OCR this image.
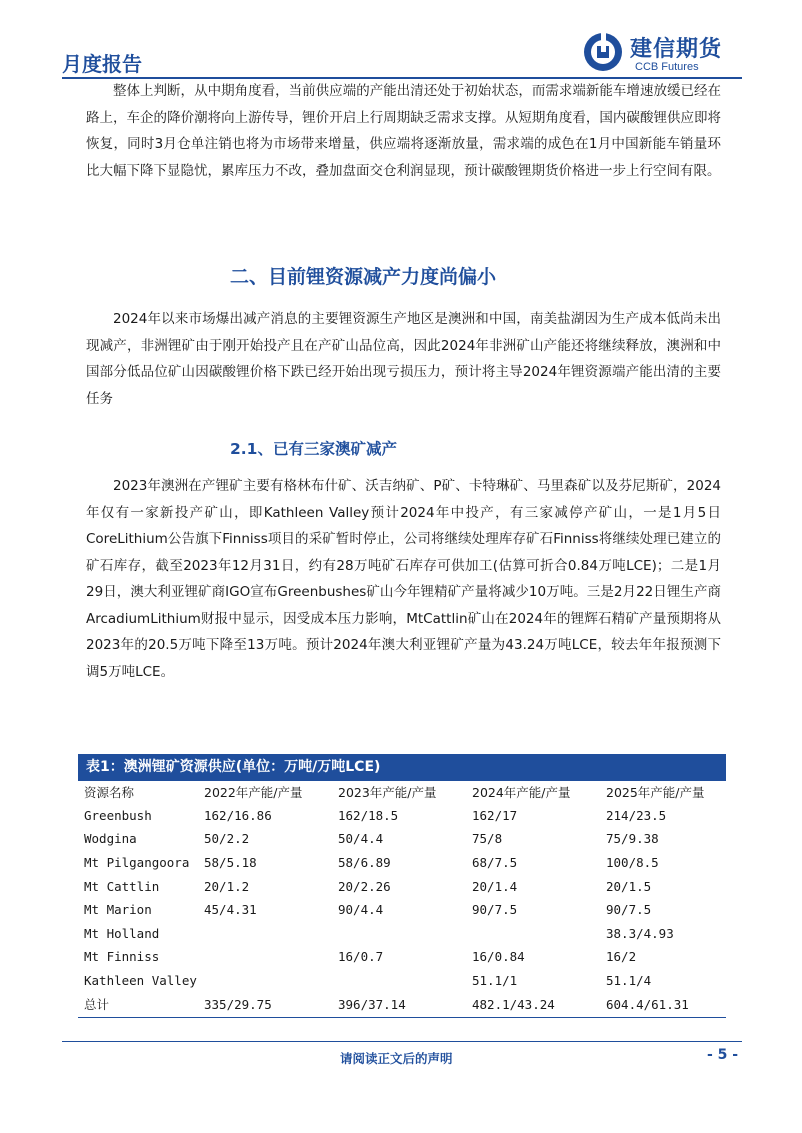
月度报告
建信期货
CCB Futures

整体上判断，从中期角度看，当前供应端的产能出清还处于初始状态，而需求端新能车增速放缓已经在路上，车企的降价潮将向上游传导，锂价开启上行周期缺乏需求支撑。从短期角度看，国内碳酸锂供应即将恢复，同时3月仓单注销也将为市场带来增量，供应端将逐渐放量，需求端的成色在1月中国新能车销量环比大幅下降下显隐忧，累库压力不改，叠加盘面交仓利润显现，预计碳酸锂期货价格进一步上行空间有限。

二、目前锂资源减产力度尚偏小

2024年以来市场爆出减产消息的主要锂资源生产地区是澳洲和中国，南美盐湖因为生产成本低尚未出现减产，非洲锂矿由于刚开始投产且在产矿山品位高，因此2024年非洲矿山产能还将继续释放，澳洲和中国部分低品位矿山因碳酸锂价格下跌已经开始出现亏损压力，预计将主导2024年锂资源端产能出清的主要任务

2.1、已有三家澳矿减产

2023年澳洲在产锂矿主要有格林布什矿、沃吉纳矿、P矿、卡特琳矿、马里森矿以及芬尼斯矿，2024年仅有一家新投产矿山，即Kathleen Valley预计2024年中投产，有三家减停产矿山，一是1月5日CoreLithium公告旗下Finniss项目的采矿暂时停止，公司将继续处理库存矿石Finniss将继续处理已建立的矿石库存，截至2023年12月31日，约有28万吨矿石库存可供加工(估算可折合0.84万吨LCE)；二是1月29日，澳大利亚锂矿商IGO宣布Greenbushes矿山今年锂精矿产量将减少10万吨。三是2月22日锂生产商ArcadiumLithium财报中显示，因受成本压力影响，MtCattlin矿山在2024年的锂辉石精矿产量预期将从2023年的20.5万吨下降至13万吨。预计2024年澳大利亚锂矿产量为43.24万吨LCE，较去年年报预测下调5万吨LCE。

表1：澳洲锂矿资源供应(单位：万吨/万吨LCE)
资源名称	2022年产能/产量	2023年产能/产量	2024年产能/产量	2025年产能/产量
Greenbush	162/16.86	162/18.5	162/17	214/23.5
Wodgina	50/2.2	50/4.4	75/8	75/9.38
Mt Pilgangoora	58/5.18	58/6.89	68/7.5	100/8.5
Mt Cattlin	20/1.2	20/2.26	20/1.4	20/1.5
Mt Marion	45/4.31	90/4.4	90/7.5	90/7.5
Mt Holland				38.3/4.93
Mt Finniss		16/0.7	16/0.84	16/2
Kathleen Valley			51.1/1	51.1/4
总计	335/29.75	396/37.14	482.1/43.24	604.4/61.31
请阅读正文后的声明	- 5 -
